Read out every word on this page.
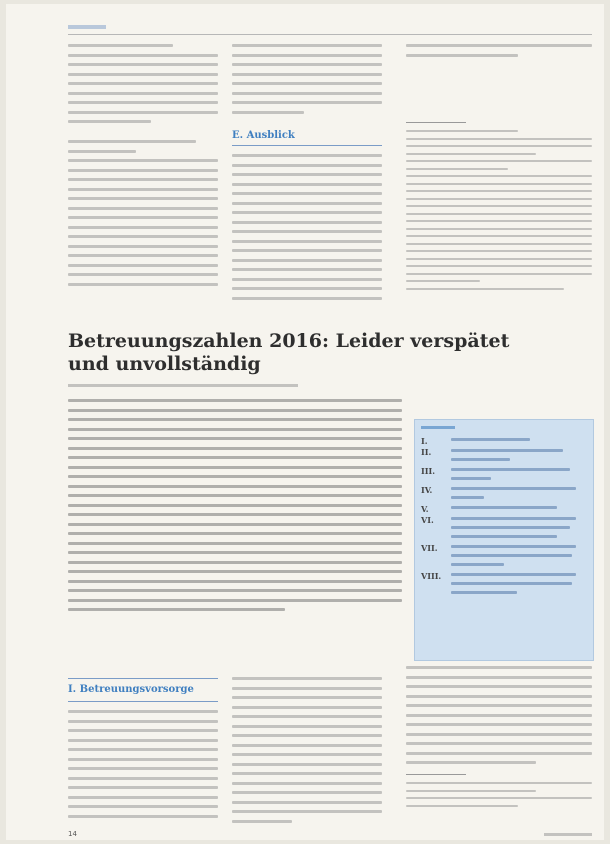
E. Ausblick
Betreuungszahlen 2016: Leider verspätet und unvollständig
I.
II.
III.
IV.
V.
VI.
VII.
VIII.
I. Betreuungsvorsorge
14
